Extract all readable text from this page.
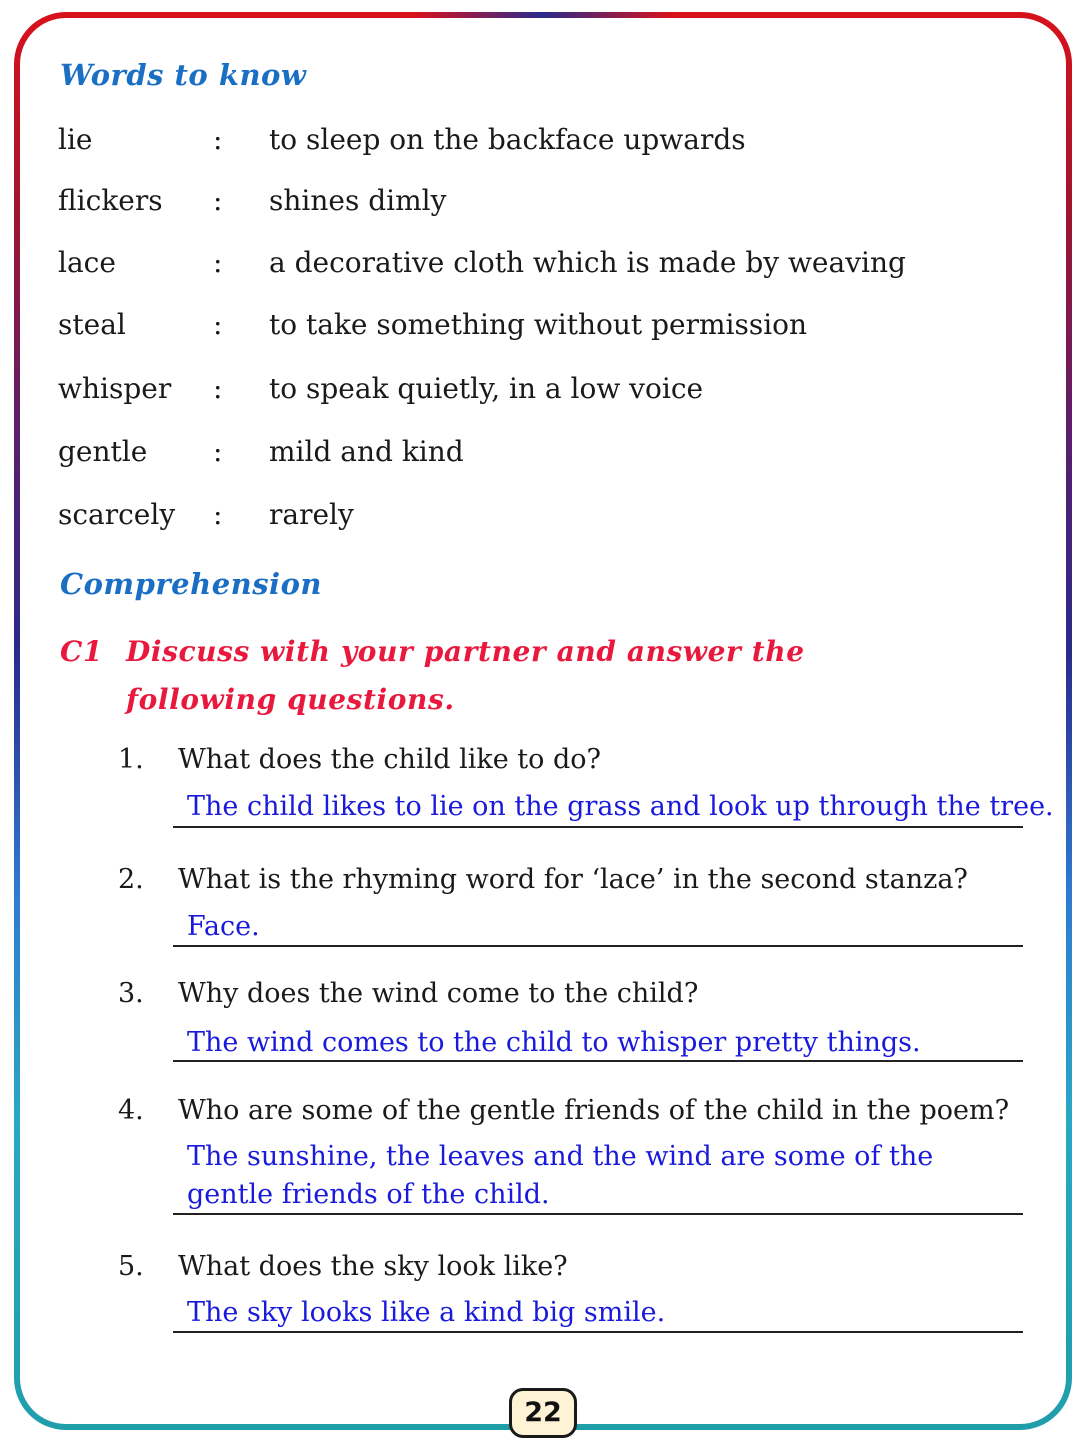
Words to know
lie	: to sleep on the backface upwards
flickers : shines dimly
lace	: a decorative cloth which is made by weaving
steal	: to take something without permission
whisper : to speak quietly, in a low voice
gentle : mild and kind
scarcely : rarely
Comprehension
C1 Discuss with your partner and answer the following questions.
1. What does the child like to do?
The child likes to lie on the grass and look up through the tree.
2. What is the rhyming word for ‘lace’ in the second stanza?
Face.
3. Why does the wind come to the child?
The wind comes to the child to whisper pretty things.
4. Who are some of the gentle friends of the child in the poem?
The sunshine, the leaves and the wind are some of the gentle friends of the child.
5. What does the sky look like?
The sky looks like a kind big smile.
22
